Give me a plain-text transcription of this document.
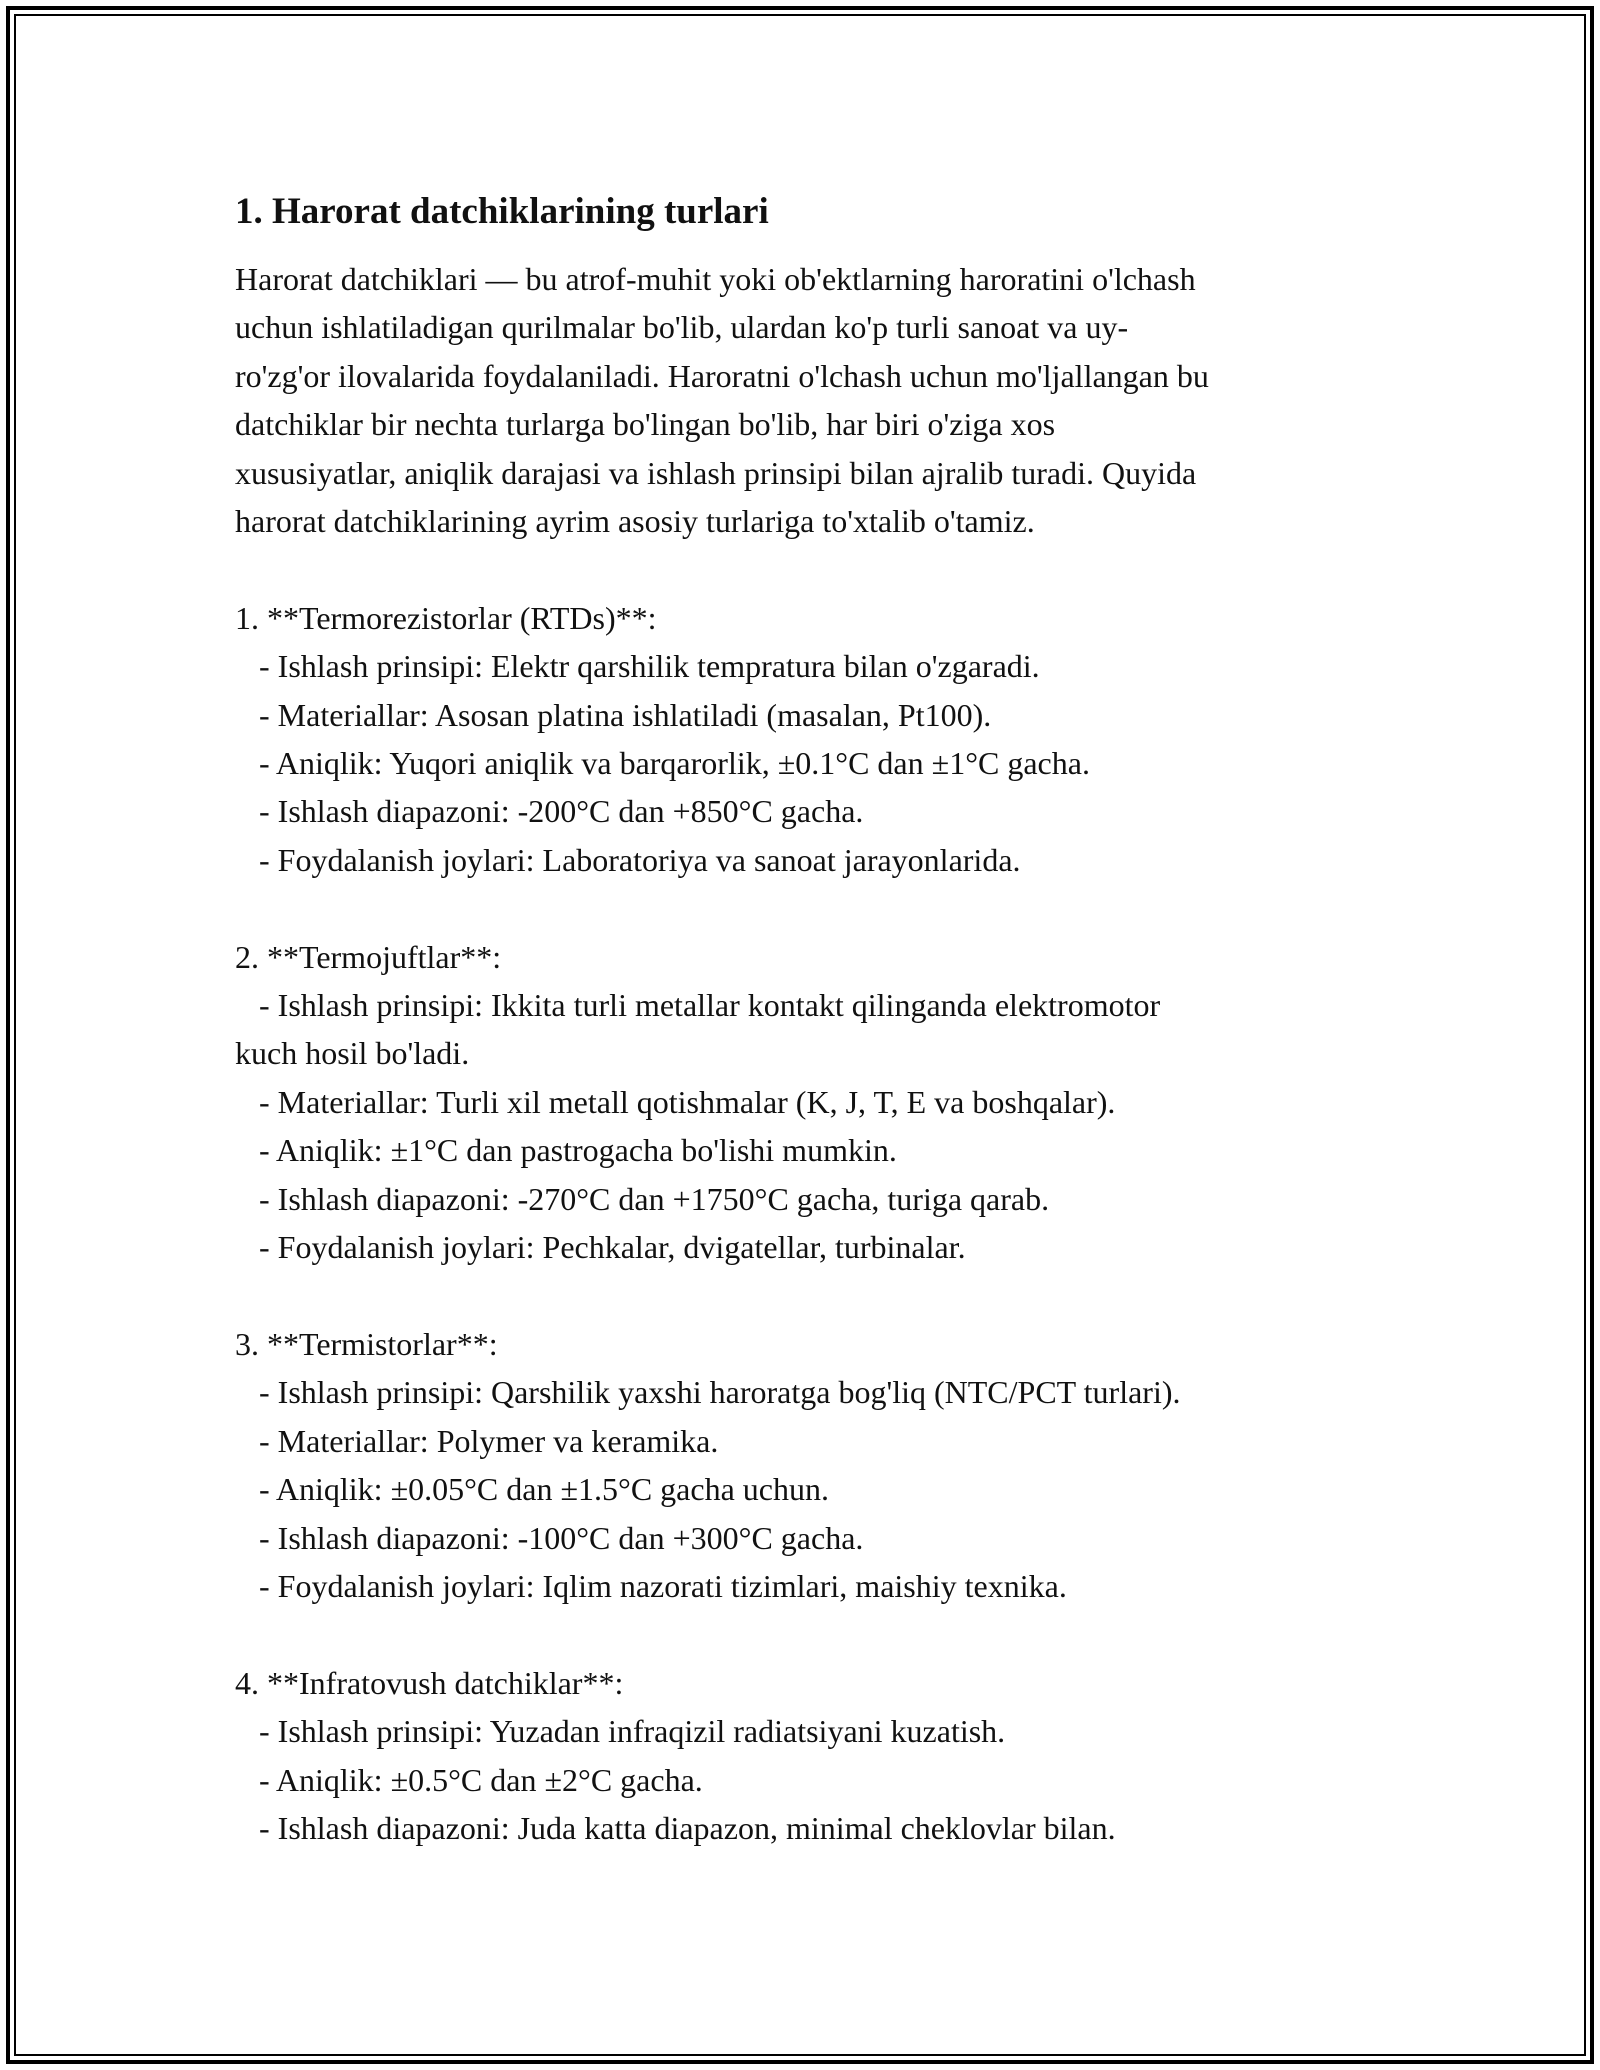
1. Harorat datchiklarining turlari
Harorat datchiklari — bu atrof-muhit yoki ob'ektlarning haroratini o'lchash
uchun ishlatiladigan qurilmalar bo'lib, ulardan ko'p turli sanoat va uy-
ro'zg'or ilovalarida foydalaniladi. Haroratni o'lchash uchun mo'ljallangan bu
datchiklar bir nechta turlarga bo'lingan bo'lib, har biri o'ziga xos
xususiyatlar, aniqlik darajasi va ishlash prinsipi bilan ajralib turadi. Quyida
harorat datchiklarining ayrim asosiy turlariga to'xtalib o'tamiz.
1. **Termorezistorlar (RTDs)**:
- Ishlash prinsipi: Elektr qarshilik tempratura bilan o'zgaradi.
- Materiallar: Asosan platina ishlatiladi (masalan, Pt100).
- Aniqlik: Yuqori aniqlik va barqarorlik, ±0.1°C dan ±1°C gacha.
- Ishlash diapazoni: -200°C dan +850°C gacha.
- Foydalanish joylari: Laboratoriya va sanoat jarayonlarida.
2. **Termojuftlar**:
- Ishlash prinsipi: Ikkita turli metallar kontakt qilinganda elektromotor
kuch hosil bo'ladi.
- Materiallar: Turli xil metall qotishmalar (K, J, T, E va boshqalar).
- Aniqlik: ±1°C dan pastrogacha bo'lishi mumkin.
- Ishlash diapazoni: -270°C dan +1750°C gacha, turiga qarab.
- Foydalanish joylari: Pechkalar, dvigatellar, turbinalar.
3. **Termistorlar**:
- Ishlash prinsipi: Qarshilik yaxshi haroratga bog'liq (NTC/PCT turlari).
- Materiallar: Polymer va keramika.
- Aniqlik: ±0.05°C dan ±1.5°C gacha uchun.
- Ishlash diapazoni: -100°C dan +300°C gacha.
- Foydalanish joylari: Iqlim nazorati tizimlari, maishiy texnika.
4. **Infratovush datchiklar**:
- Ishlash prinsipi: Yuzadan infraqizil radiatsiyani kuzatish.
- Aniqlik: ±0.5°C dan ±2°C gacha.
- Ishlash diapazoni: Juda katta diapazon, minimal cheklovlar bilan.
